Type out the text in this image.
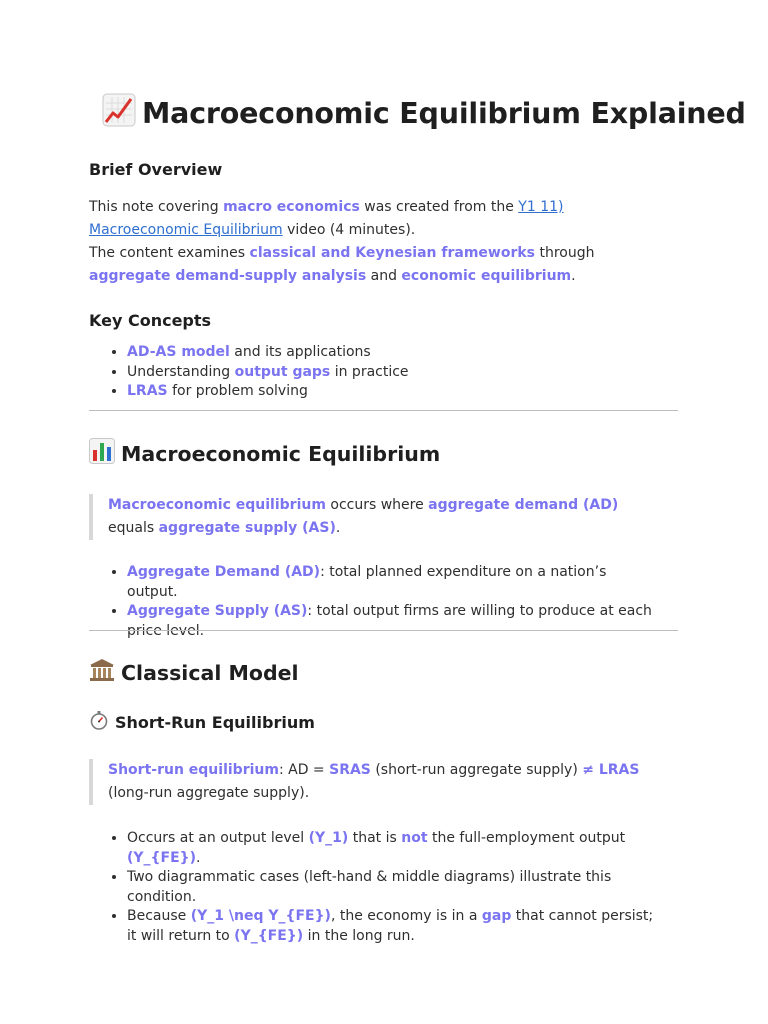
Macroeconomic Equilibrium Explained
Brief Overview
This note covering macro economics was created from the Y1 11) Macroeconomic Equilibrium video (4 minutes).
The content examines classical and Keynesian frameworks through aggregate demand-supply analysis and economic equilibrium.
Key Concepts
• AD-AS model and its applications
• Understanding output gaps in practice
• LRAS for problem solving
Macroeconomic Equilibrium
Macroeconomic equilibrium occurs where aggregate demand (AD) equals aggregate supply (AS).
• Aggregate Demand (AD): total planned expenditure on a nation’s output.
• Aggregate Supply (AS): total output firms are willing to produce at each price level.
Classical Model
Short-Run Equilibrium
Short-run equilibrium: AD = SRAS (short-run aggregate supply) ≠ LRAS (long-run aggregate supply).
• Occurs at an output level (Y_1) that is not the full-employment output (Y_{FE}).
• Two diagrammatic cases (left-hand & middle diagrams) illustrate this condition.
• Because (Y_1 \neq Y_{FE}), the economy is in a gap that cannot persist; it will return to (Y_{FE}) in the long run.
